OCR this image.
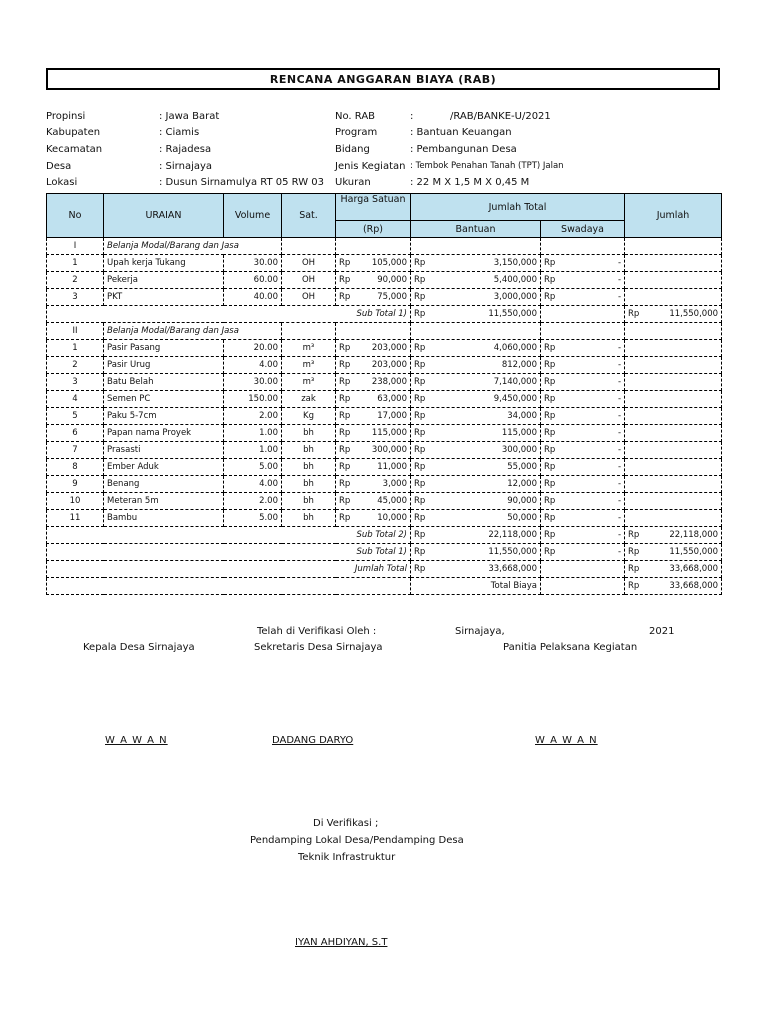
RENCANA ANGGARAN BIAYA (RAB)
Propinsi	: Jawa Barat
Kabupaten	: Ciamis
Kecamatan	: Rajadesa
Desa	: Sirnajaya
Lokasi	: Dusun Sirnamulya RT 05 RW 03
No. RAB	:	/RAB/BANKE-U/2021
Program	: Bantuan Keuangan
Bidang	: Pembangunan Desa
Jenis Kegiatan : Tembok Penahan Tanah (TPT) Jalan
Ukuran	: 22 M X 1,5 M X 0,45 M
No	URAIAN	Volume	Sat.	Harga Satuan	Jumlah Total		Jumlah
				(Rp)	Bantuan	Swadaya	
I	Belanja Modal/Barang dan Jasa						
1	Upah kerja Tukang	30.00	OH	Rp 105,000	Rp 3,150,000	Rp -	

2	Pekerja	60.00	OH	Rp 90,000	Rp 5,400,000	Rp -	

3	PKT	40.00	OH	Rp 75,000	Rp 3,000,000	Rp -	

Sub Total 1)					Rp 11,550,000		Rp 11,550,000

II	Belanja Modal/Barang dan Jasa						
1	Pasir Pasang	20.00	m³	Rp 203,000	Rp 4,060,000	Rp -	

2	Pasir Urug	4.00	m³	Rp 203,000	Rp 812,000	Rp -	

3	Batu Belah	30.00	m³	Rp 238,000	Rp 7,140,000	Rp -	

4	Semen PC	150.00	zak	Rp 63,000	Rp 9,450,000	Rp -	

5	Paku 5-7cm	2.00	Kg	Rp 17,000	Rp 34,000	Rp -	

6	Papan nama Proyek	1.00	bh	Rp 115,000	Rp 115,000	Rp -	

7	Prasasti	1.00	bh	Rp 300,000	Rp 300,000	Rp -	

8	Ember Aduk	5.00	bh	Rp 11,000	Rp 55,000	Rp -	

9	Benang	4.00	bh	Rp 3,000	Rp 12,000	Rp -	

10	Meteran 5m	2.00	bh	Rp 45,000	Rp 90,000	Rp -	

11	Bambu	5.00	bh	Rp 10,000	Rp 50,000	Rp -	

Sub Total 2)					Rp 22,118,000	Rp -	Rp 22,118,000

Sub Total 1)					Rp 11,550,000	Rp -	Rp 11,550,000

Jumlah Total					Rp 33,668,000		Rp 33,668,000

					Total Biaya		Rp 33,668,000
Telah di Verifikasi Oleh :	Sirnajaya,	2021
Kepala Desa Sirnajaya	Sekretaris Desa Sirnajaya	Panitia Pelaksana Kegiatan
W A W A N	DADANG DARYO	W A W A N
Di Verifikasi ;
Pendamping Lokal Desa/Pendamping Desa
Teknik Infrastruktur
IYAN AHDIYAN, S.T
